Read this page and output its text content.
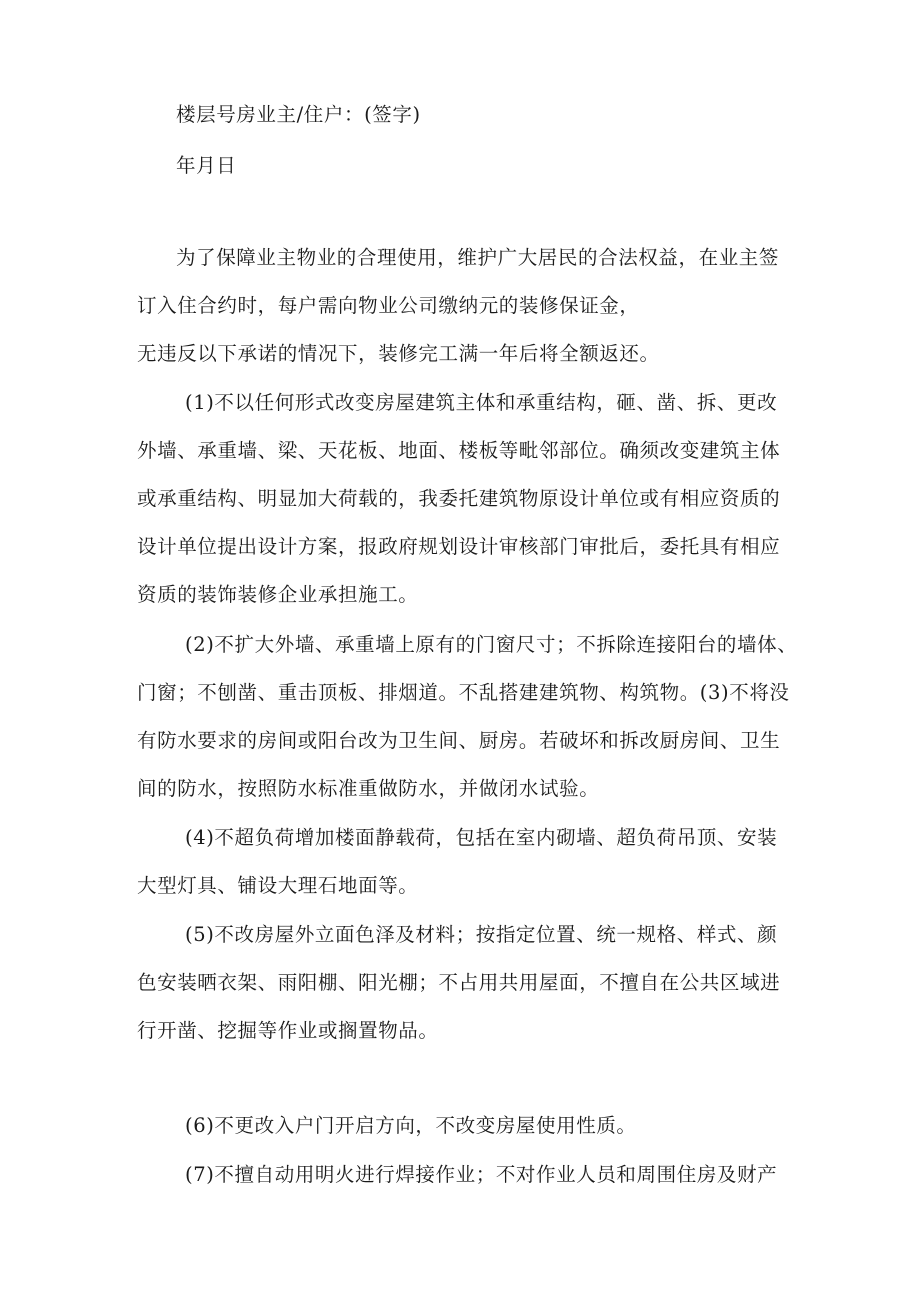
楼层号房业主/住户：(签字)
年月日
为了保障业主物业的合理使用，维护广大居民的合法权益，在业主签
订入住合约时，每户需向物业公司缴纳元的装修保证金，
无违反以下承诺的情况下，装修完工满一年后将全额返还。
(1)不以任何形式改变房屋建筑主体和承重结构，砸、凿、拆、更改
外墙、承重墙、梁、天花板、地面、楼板等毗邻部位。确须改变建筑主体
或承重结构、明显加大荷载的，我委托建筑物原设计单位或有相应资质的
设计单位提出设计方案，报政府规划设计审核部门审批后，委托具有相应
资质的装饰装修企业承担施工。
(2)不扩大外墙、承重墙上原有的门窗尺寸；不拆除连接阳台的墙体、
门窗；不刨凿、重击顶板、排烟道。不乱搭建建筑物、构筑物。(3)不将没
有防水要求的房间或阳台改为卫生间、厨房。若破坏和拆改厨房间、卫生
间的防水，按照防水标准重做防水，并做闭水试验。
(4)不超负荷增加楼面静载荷，包括在室内砌墙、超负荷吊顶、安装
大型灯具、铺设大理石地面等。
(5)不改房屋外立面色泽及材料；按指定位置、统一规格、样式、颜
色安装晒衣架、雨阳棚、阳光棚；不占用共用屋面，不擅自在公共区域进
行开凿、挖掘等作业或搁置物品。
(6)不更改入户门开启方向，不改变房屋使用性质。
(7)不擅自动用明火进行焊接作业；不对作业人员和周围住房及财产
